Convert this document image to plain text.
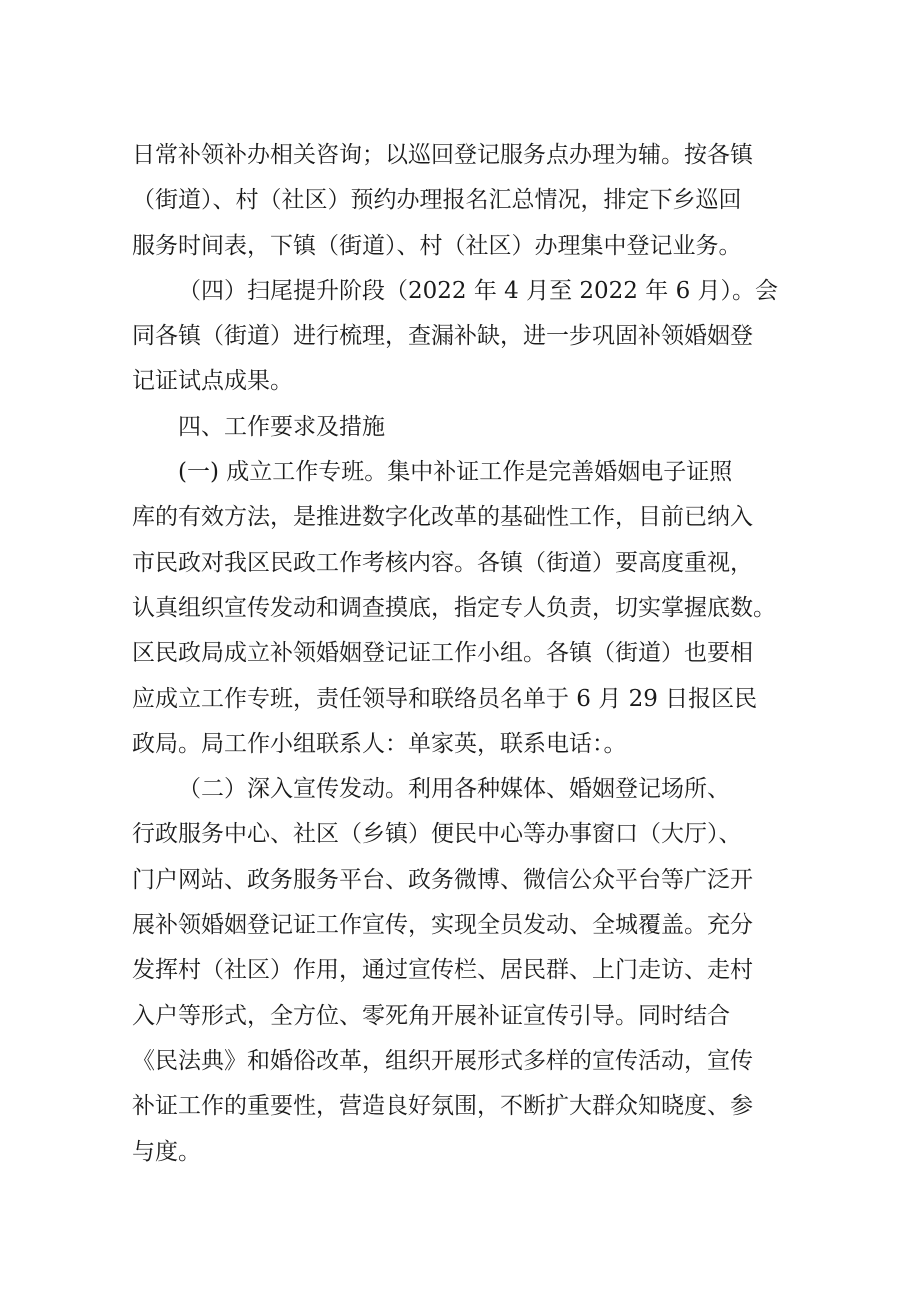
日常补领补办相关咨询；以巡回登记服务点办理为辅。按各镇
（街道）、村（社区）预约办理报名汇总情况，排定下乡巡回
服务时间表，下镇（街道）、村（社区）办理集中登记业务。
（四）扫尾提升阶段（2022 年 4 月至 2022 年 6 月）。会
同各镇（街道）进行梳理，查漏补缺，进一步巩固补领婚姻登
记证试点成果。
四、工作要求及措施
(一) 成立工作专班。集中补证工作是完善婚姻电子证照
库的有效方法，是推进数字化改革的基础性工作，目前已纳入
市民政对我区民政工作考核内容。各镇（街道）要高度重视，
认真组织宣传发动和调查摸底，指定专人负责，切实掌握底数。
区民政局成立补领婚姻登记证工作小组。各镇（街道）也要相
应成立工作专班，责任领导和联络员名单于 6 月 29 日报区民
政局。局工作小组联系人：单家英，联系电话：。
（二）深入宣传发动。利用各种媒体、婚姻登记场所、
行政服务中心、社区（乡镇）便民中心等办事窗口（大厅）、
门户网站、政务服务平台、政务微博、微信公众平台等广泛开
展补领婚姻登记证工作宣传，实现全员发动、全城覆盖。充分
发挥村（社区）作用，通过宣传栏、居民群、上门走访、走村
入户等形式，全方位、零死角开展补证宣传引导。同时结合
《民法典》和婚俗改革，组织开展形式多样的宣传活动，宣传
补证工作的重要性，营造良好氛围，不断扩大群众知晓度、参
与度。
